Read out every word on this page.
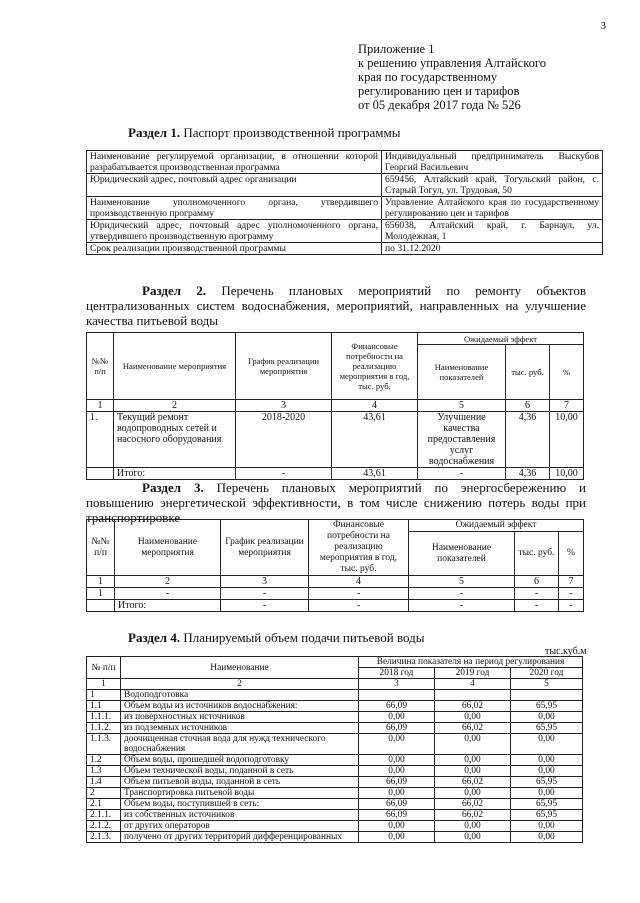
3
Приложение 1
к решению управления Алтайского
края по государственному
регулированию цен и тарифов
от 05 декабря 2017 года № 526
Раздел 1. Паспорт производственной программы
Наименование регулируемой организации, в отношении которой разрабатывается производственная программа	Индивидуальный предприниматель Выскубов Георгий Васильевич
Юридический адрес, почтовый адрес организации	659456, Алтайский край, Тогульский район, с. Старый Тогул, ул. Трудовая, 50
Наименование уполномоченного органа, утвердившего производственную программу	Управление Алтайского края по государственному регулированию цен и тарифов
Юридический адрес, почтовый адрес уполномоченного органа, утвердившего производственную программу	656038, Алтайский край, г. Барнаул, ул. Молодежная, 1
Срок реализации производственной программы	по 31.12.2020
Раздел 2. Перечень плановых мероприятий по ремонту объектов централизованных систем водоснабжения, мероприятий, направленных на улучшение качества питьевой воды
№№ п/п	Наименование мероприятия	График реализации мероприятия	Финансовые потребности на реализацию мероприятия в год, тыс. руб.	Ожидаемый эффект		
				Наименование показателей	тыс. руб.	%
1	2	3	4	5	6	7
1.	Текущий ремонт водопроводных сетей и насосного оборудования	2018-2020	43,61	Улучшение качества предоставления услуг водоснабжения	4,36	10,00
	Итого:	-	43,61	-	4,36	10,00
Раздел 3. Перечень плановых мероприятий по энергосбережению и повышению энергетической эффективности, в том числе снижению потерь воды при транспортировке
№№ п/п	Наименование мероприятия	График реализации мероприятия	Финансовые потребности на реализацию мероприятия в год, тыс. руб.	Ожидаемый эффект		
				Наименование показателей	тыс. руб.	%
1	2	3	4	5	6	7
1	-	-	-	-	-	-
	Итого:	-	-	-	-	-
Раздел 4. Планируемый объем подачи питьевой воды
тыс.куб.м
№ п/п	Наименование	Величина показателя на период регулирования		
		2018 год	2019 год	2020 год
1	2	3	4	5
1	Водоподготовка			
1.1	Объем воды из источников водоснабжения:	66,09	66,02	65,95
1.1.1.	из поверхностных источников	0,00	0,00	0,00
1.1.2.	из подземных источников	66,09	66,02	65,95
1.1.3.	доочищенная сточная вода для нужд технического водоснабжения	0,00	0,00	0,00
1.2	Объем воды, прошедшей водоподготовку	0,00	0,00	0,00
1.3	Объем технической воды, поданной в сеть	0,00	0,00	0,00
1.4	Объем питьевой воды, поданной в сеть	66,09	66,02	65,95
2	Транспортировка питьевой воды	0,00	0,00	0,00
2.1	Объем воды, поступившей в сеть:	66,09	66,02	65,95
2.1.1.	из собственных источников	66,09	66,02	65,95
2.1.2.	от других операторов	0,00	0,00	0,00
2.1.3.	получено от других территорий дифференцированных	0,00	0,00	0,00
